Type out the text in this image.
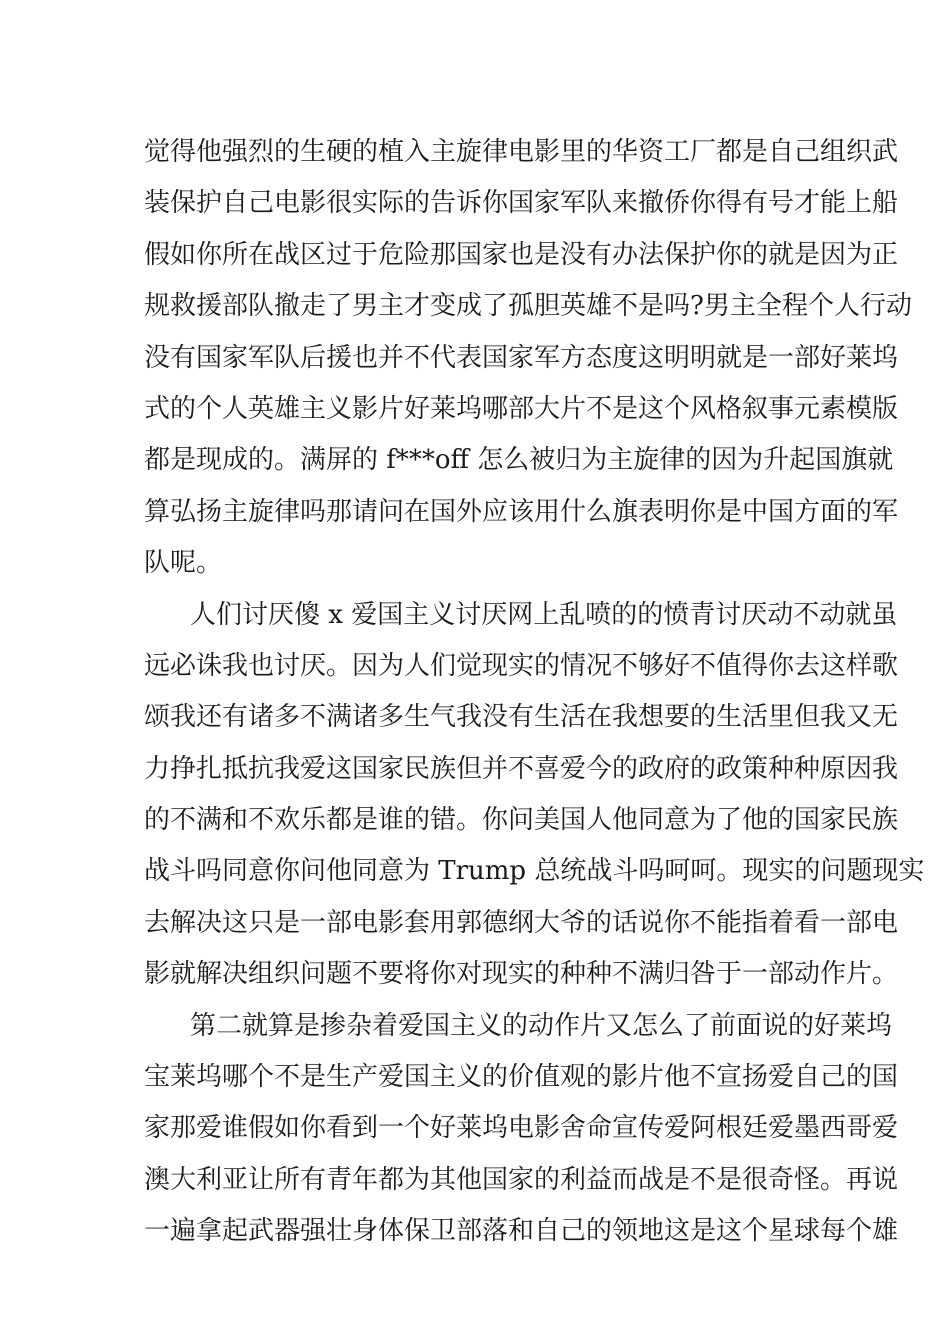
觉得他强烈的生硬的植入主旋律电影里的华资工厂都是自己组织武
装保护自己电影很实际的告诉你国家军队来撤侨你得有号才能上船
假如你所在战区过于危险那国家也是没有办法保护你的就是因为正
规救援部队撤走了男主才变成了孤胆英雄不是吗?男主全程个人行动
没有国家军队后援也并不代表国家军方态度这明明就是一部好莱坞
式的个人英雄主义影片好莱坞哪部大片不是这个风格叙事元素模版
都是现成的。满屏的 f***off 怎么被归为主旋律的因为升起国旗就
算弘扬主旋律吗那请问在国外应该用什么旗表明你是中国方面的军
队呢。
人们讨厌傻 x 爱国主义讨厌网上乱喷的的愤青讨厌动不动就虽
远必诛我也讨厌。因为人们觉现实的情况不够好不值得你去这样歌
颂我还有诸多不满诸多生气我没有生活在我想要的生活里但我又无
力挣扎抵抗我爱这国家民族但并不喜爱今的政府的政策种种原因我
的不满和不欢乐都是谁的错。你问美国人他同意为了他的国家民族
战斗吗同意你问他同意为 Trump 总统战斗吗呵呵。现实的问题现实
去解决这只是一部电影套用郭德纲大爷的话说你不能指着看一部电
影就解决组织问题不要将你对现实的种种不满归咎于一部动作片。
第二就算是掺杂着爱国主义的动作片又怎么了前面说的好莱坞
宝莱坞哪个不是生产爱国主义的价值观的影片他不宣扬爱自己的国
家那爱谁假如你看到一个好莱坞电影舍命宣传爱阿根廷爱墨西哥爱
澳大利亚让所有青年都为其他国家的利益而战是不是很奇怪。再说
一遍拿起武器强壮身体保卫部落和自己的领地这是这个星球每个雄
